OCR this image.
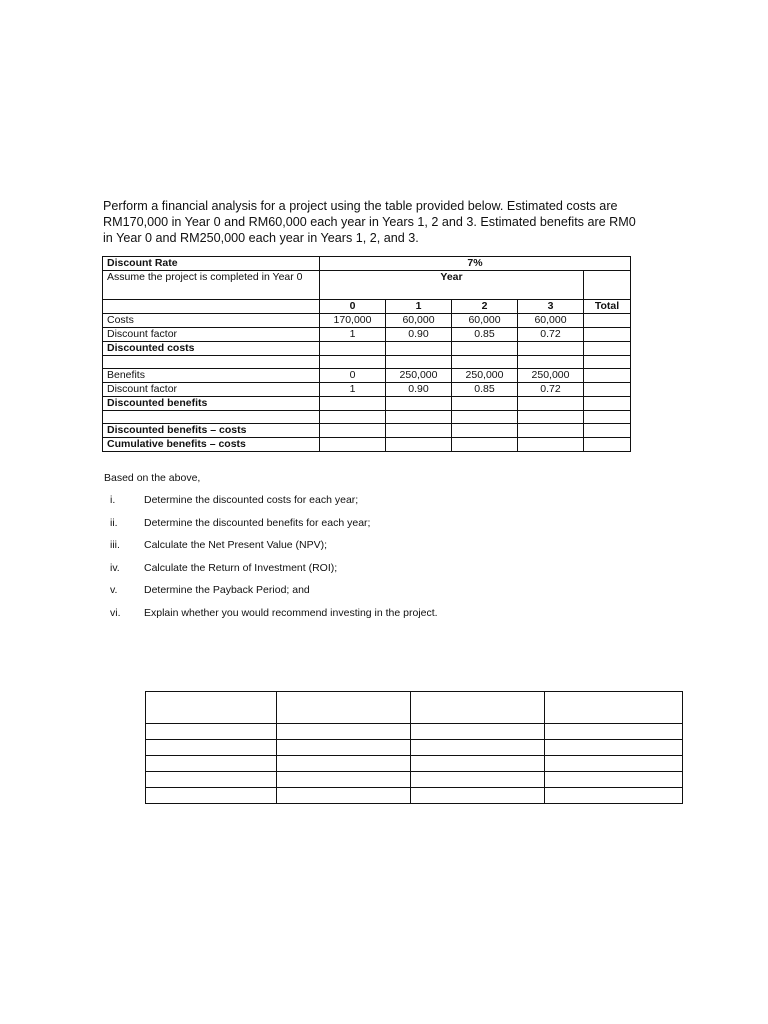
Perform a financial analysis for a project using the table provided below. Estimated costs are RM170,000 in Year 0 and RM60,000 each year in Years 1, 2 and 3. Estimated benefits are RM0 in Year 0 and RM250,000 each year in Years 1, 2, and 3.

Discount Rate	7%				
Assume the project is completed in Year 0	Year				
	0	1	2	3	Total
Costs	170,000	60,000	60,000	60,000	
Discount factor	1	0.90	0.85	0.72	
Discounted costs					

Benefits	0	250,000	250,000	250,000	
Discount factor	1	0.90	0.85	0.72	
Discounted benefits					

Discounted benefits – costs					
Cumulative benefits – costs					

Based on the above,

i.	Determine the discounted costs for each year;
ii.	Determine the discounted benefits for each year;
iii. Calculate the Net Present Value (NPV);
iv. Calculate the Return of Investment (ROI);
v.	Determine the Payback Period; and
vi. Explain whether you would recommend investing in the project.
